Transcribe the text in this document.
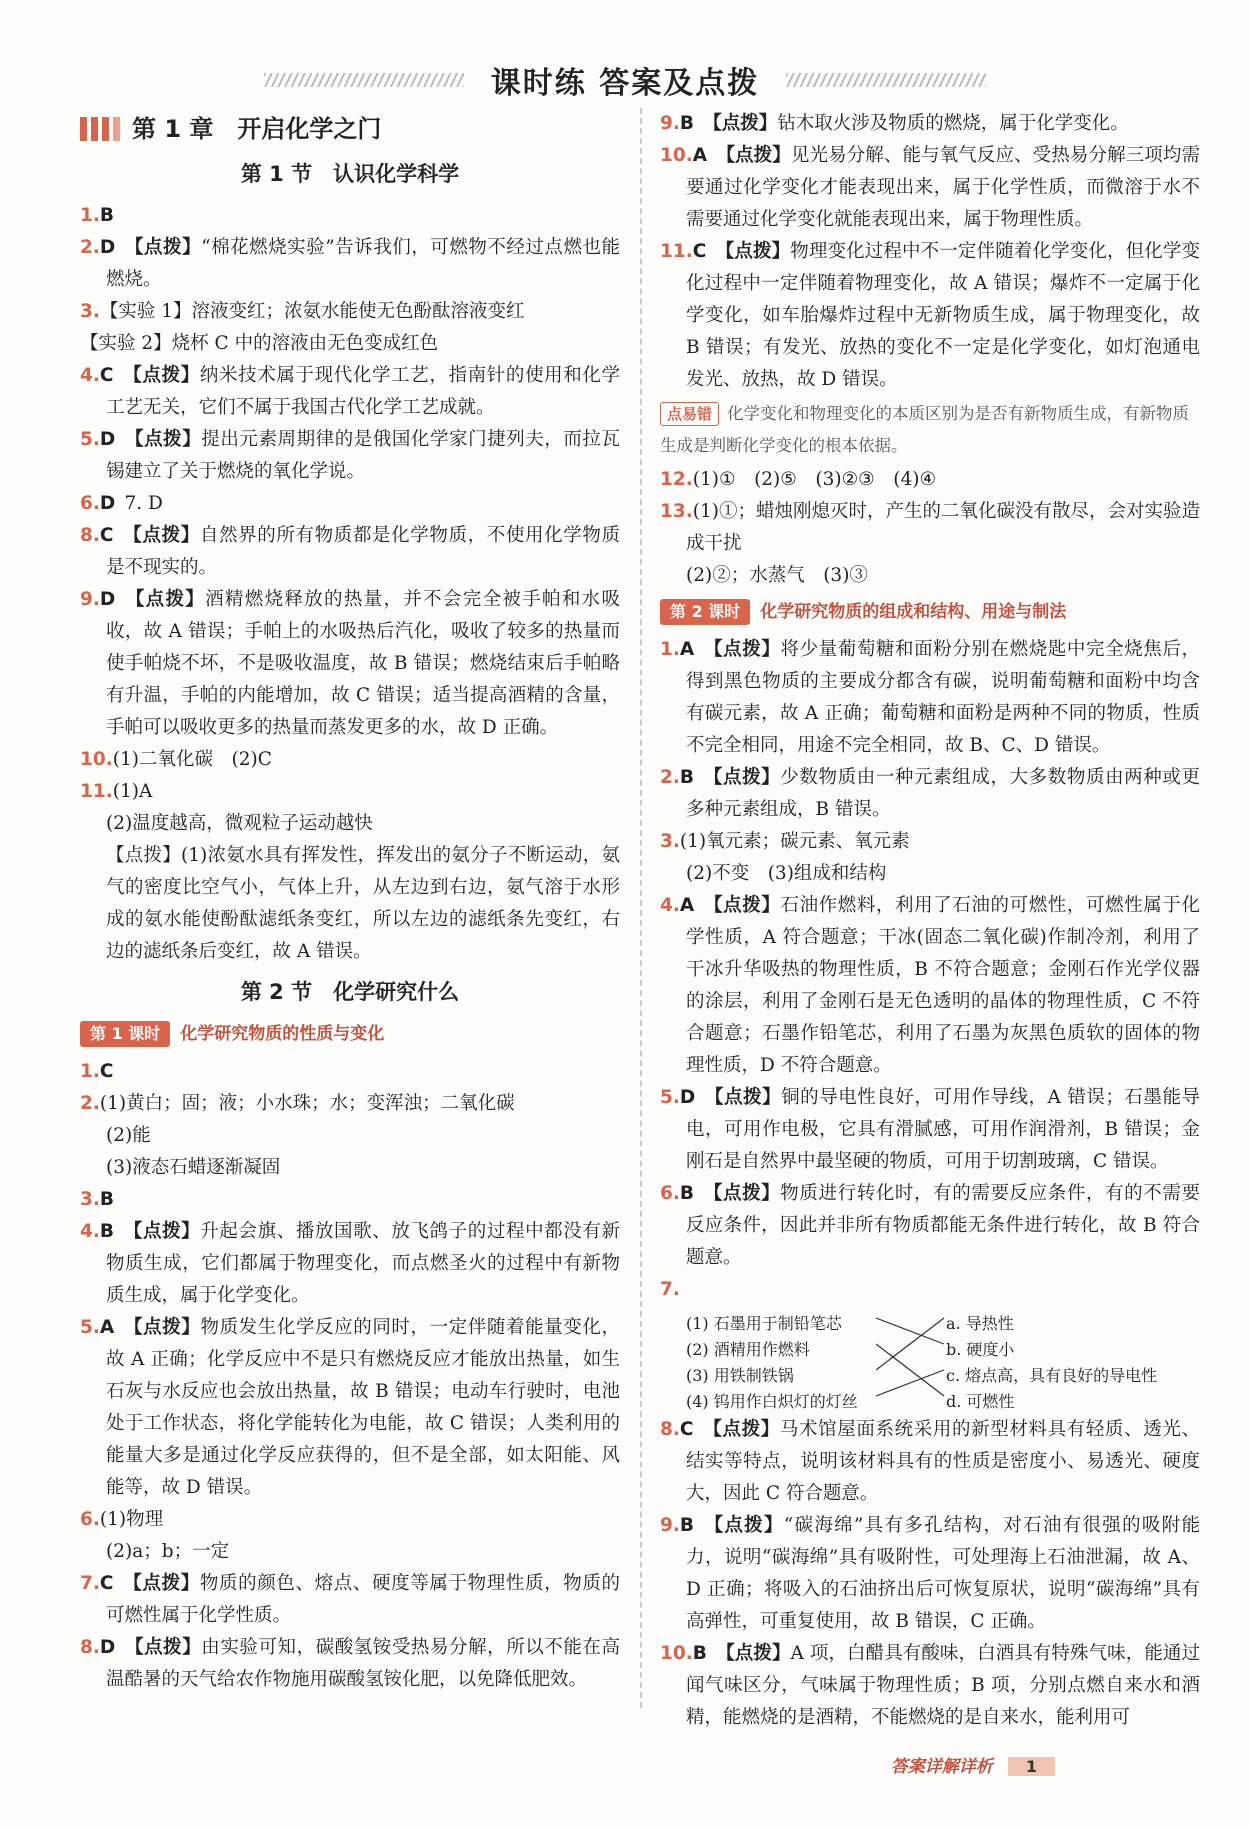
课时练 答案及点拨
第 1 章　开启化学之门
第 1 节　认识化学科学

1.B 

2.D  【点拨】“棉花燃烧实验”告诉我们，可燃物不经过点燃也能燃烧。

3.【实验 1】溶液变红；浓氨水能使无色酚酞溶液变红

【实验 2】烧杯 C 中的溶液由无色变成红色

4.C  【点拨】纳米技术属于现代化学工艺，指南针的使用和化学工艺无关，它们不属于我国古代化学工艺成就。

5.D  【点拨】提出元素周期律的是俄国化学家门捷列夫，而拉瓦锡建立了关于燃烧的氧化学说。

6.D  7. D

8.C  【点拨】自然界的所有物质都是化学物质，不使用化学物质是不现实的。

9.D  【点拨】酒精燃烧释放的热量，并不会完全被手帕和水吸收，故 A 错误；手帕上的水吸热后汽化，吸收了较多的热量而使手帕烧不坏，不是吸收温度，故 B 错误；燃烧结束后手帕略有升温，手帕的内能增加，故 C 错误；适当提高酒精的含量，手帕可以吸收更多的热量而蒸发更多的水，故 D 正确。

10.(1)二氧化碳　(2)C

11.(1)A

(2)温度越高，微观粒子运动越快

【点拨】(1)浓氨水具有挥发性，挥发出的氨分子不断运动，氨气的密度比空气小，气体上升，从左边到右边，氨气溶于水形成的氨水能使酚酞滤纸条变红，所以左边的滤纸条先变红，右边的滤纸条后变红，故 A 错误。

第 2 节　化学研究什么
第 1 课时	化学研究物质的性质与变化

1.C 

2.(1)黄白；固；液；小水珠；水；变浑浊；二氧化碳

(2)能

(3)液态石蜡逐渐凝固

3.B 

4.B  【点拨】升起会旗、播放国歌、放飞鸽子的过程中都没有新物质生成，它们都属于物理变化，而点燃圣火的过程中有新物质生成，属于化学变化。

5.A  【点拨】物质发生化学反应的同时，一定伴随着能量变化，故 A 正确；化学反应中不是只有燃烧反应才能放出热量，如生石灰与水反应也会放出热量，故 B 错误；电动车行驶时，电池处于工作状态，将化学能转化为电能，故 C 错误；人类利用的能量大多是通过化学反应获得的，但不是全部，如太阳能、风能等，故 D 错误。

6.(1)物理

(2)a；b；一定

7.C  【点拨】物质的颜色、熔点、硬度等属于物理性质，物质的可燃性属于化学性质。

8.D  【点拨】由实验可知，碳酸氢铵受热易分解，所以不能在高温酷暑的天气给农作物施用碳酸氢铵化肥，以免降低肥效。

9.B  【点拨】钻木取火涉及物质的燃烧，属于化学变化。

10.A  【点拨】见光易分解、能与氧气反应、受热易分解三项均需要通过化学变化才能表现出来，属于化学性质，而微溶于水不需要通过化学变化就能表现出来，属于物理性质。

11.C  【点拨】物理变化过程中不一定伴随着化学变化，但化学变化过程中一定伴随着物理变化，故 A 错误；爆炸不一定属于化学变化，如车胎爆炸过程中无新物质生成，属于物理变化，故 B 错误；有发光、放热的变化不一定是化学变化，如灯泡通电发光、放热，故 D 错误。

点易错 化学变化和物理变化的本质区别为是否有新物质生成，有新物质生成是判断化学变化的根本依据。

12.(1)①　(2)⑤　(3)②③　(4)④

13.(1)①；蜡烛刚熄灭时，产生的二氧化碳没有散尽，会对实验造成干扰

(2)②；水蒸气　(3)③

第 2 课时	化学研究物质的组成和结构、用途与制法

1.A  【点拨】将少量葡萄糖和面粉分别在燃烧匙中完全烧焦后，得到黑色物质的主要成分都含有碳，说明葡萄糖和面粉中均含有碳元素，故 A 正确；葡萄糖和面粉是两种不同的物质，性质不完全相同，用途不完全相同，故 B、C、D 错误。

2.B  【点拨】少数物质由一种元素组成，大多数物质由两种或更多种元素组成，B 错误。

3.(1)氧元素；碳元素、氧元素

(2)不变　(3)组成和结构

4.A  【点拨】石油作燃料，利用了石油的可燃性，可燃性属于化学性质，A 符合题意；干冰(固态二氧化碳)作制冷剂，利用了干冰升华吸热的物理性质，B 不符合题意；金刚石作光学仪器的涂层，利用了金刚石是无色透明的晶体的物理性质，C 不符合题意；石墨作铅笔芯，利用了石墨为灰黑色质软的固体的物理性质，D 不符合题意。

5.D  【点拨】铜的导电性良好，可用作导线，A 错误；石墨能导电，可用作电极，它具有滑腻感，可用作润滑剂，B 错误；金刚石是自然界中最坚硬的物质，可用于切割玻璃，C 错误。

6.B  【点拨】物质进行转化时，有的需要反应条件，有的不需要反应条件，因此并非所有物质都能无条件进行转化，故 B 符合题意。

7.

(1) 石墨用于制铅笔芯
(2) 酒精用作燃料
(3) 用铁制铁锅
(4) 钨用作白炽灯的灯丝
a. 导热性
b. 硬度小
c. 熔点高，具有良好的导电性
d. 可燃性

8.C  【点拨】马术馆屋面系统采用的新型材料具有轻质、透光、结实等特点，说明该材料具有的性质是密度小、易透光、硬度大，因此 C 符合题意。

9.B  【点拨】“碳海绵”具有多孔结构，对石油有很强的吸附能力，说明“碳海绵”具有吸附性，可处理海上石油泄漏，故 A、D 正确；将吸入的石油挤出后可恢复原状，说明“碳海绵”具有高弹性，可重复使用，故 B 错误，C 正确。

10.B  【点拨】A 项，白醋具有酸味，白酒具有特殊气味，能通过闻气味区分，气味属于物理性质；B 项，分别点燃自来水和酒精，能燃烧的是酒精，不能燃烧的是自来水，能利用可

答案详解详析 1
